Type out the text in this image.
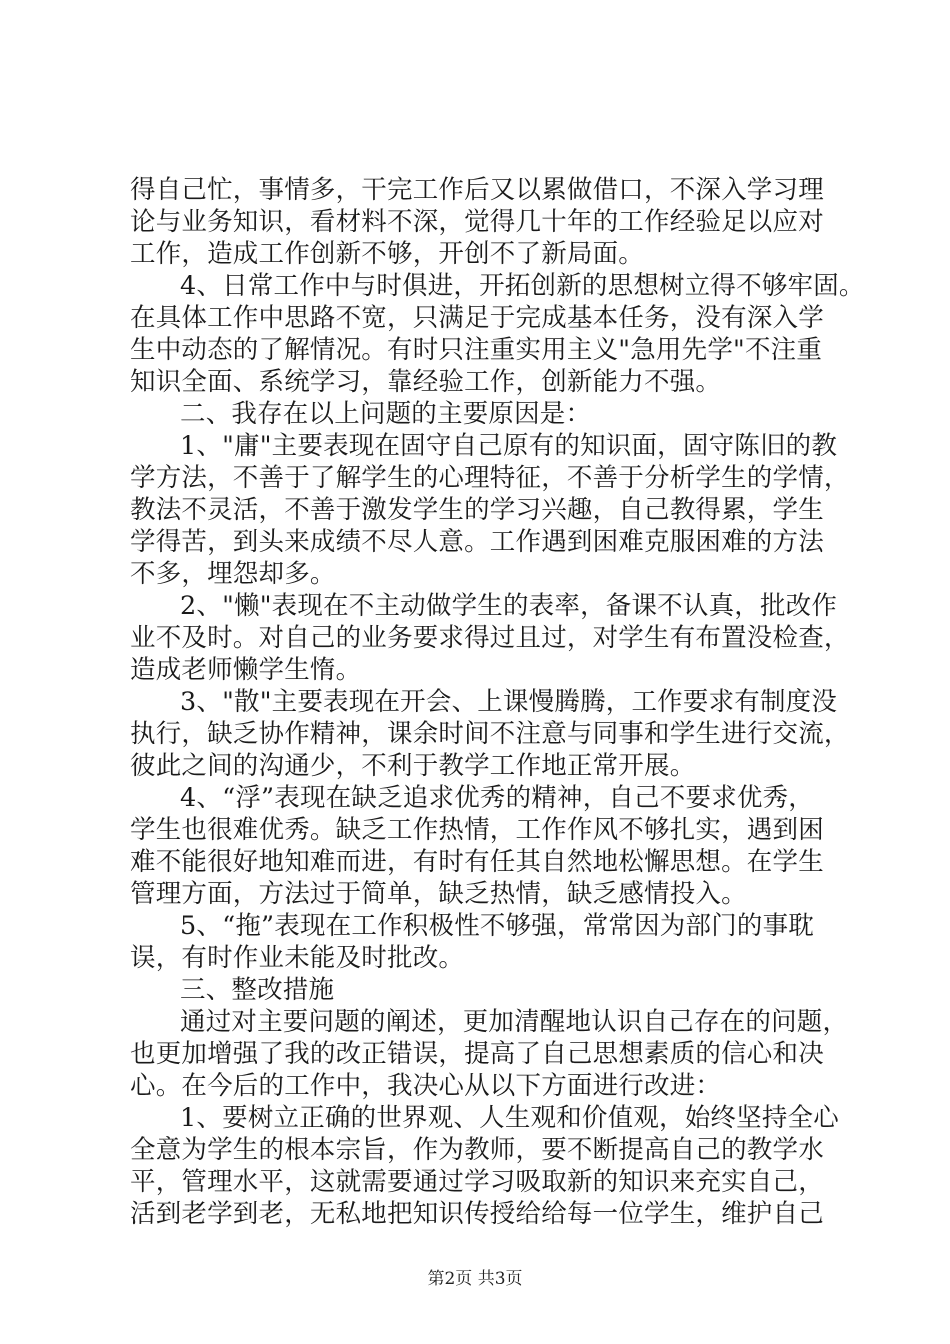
得自己忙，事情多，干完工作后又以累做借口，不深入学习理
论与业务知识，看材料不深，觉得几十年的工作经验足以应对
工作，造成工作创新不够，开创不了新局面。
4、日常工作中与时俱进，开拓创新的思想树立得不够牢固。
在具体工作中思路不宽，只满足于完成基本任务，没有深入学
生中动态的了解情况。有时只注重实用主义"急用先学"不注重
知识全面、系统学习，靠经验工作，创新能力不强。
二、我存在以上问题的主要原因是：
1、"庸"主要表现在固守自己原有的知识面，固守陈旧的教
学方法，不善于了解学生的心理特征，不善于分析学生的学情，
教法不灵活，不善于激发学生的学习兴趣，自己教得累，学生
学得苦，到头来成绩不尽人意。工作遇到困难克服困难的方法
不多，埋怨却多。
2、"懒"表现在不主动做学生的表率，备课不认真，批改作
业不及时。对自己的业务要求得过且过，对学生有布置没检查，
造成老师懒学生惰。
3、"散"主要表现在开会、上课慢腾腾，工作要求有制度没
执行，缺乏协作精神，课余时间不注意与同事和学生进行交流，
彼此之间的沟通少，不利于教学工作地正常开展。
4、“浮”表现在缺乏追求优秀的精神，自己不要求优秀，
学生也很难优秀。缺乏工作热情，工作作风不够扎实，遇到困
难不能很好地知难而进，有时有任其自然地松懈思想。在学生
管理方面，方法过于简单，缺乏热情，缺乏感情投入。
5、“拖”表现在工作积极性不够强，常常因为部门的事耽
误，有时作业未能及时批改。
三、整改措施
通过对主要问题的阐述，更加清醒地认识自己存在的问题，
也更加增强了我的改正错误，提高了自己思想素质的信心和决
心。在今后的工作中，我决心从以下方面进行改进：
1、要树立正确的世界观、人生观和价值观，始终坚持全心
全意为学生的根本宗旨，作为教师，要不断提高自己的教学水
平，管理水平，这就需要通过学习吸取新的知识来充实自己，
活到老学到老，无私地把知识传授给给每一位学生，维护自己
第2页 共3页
